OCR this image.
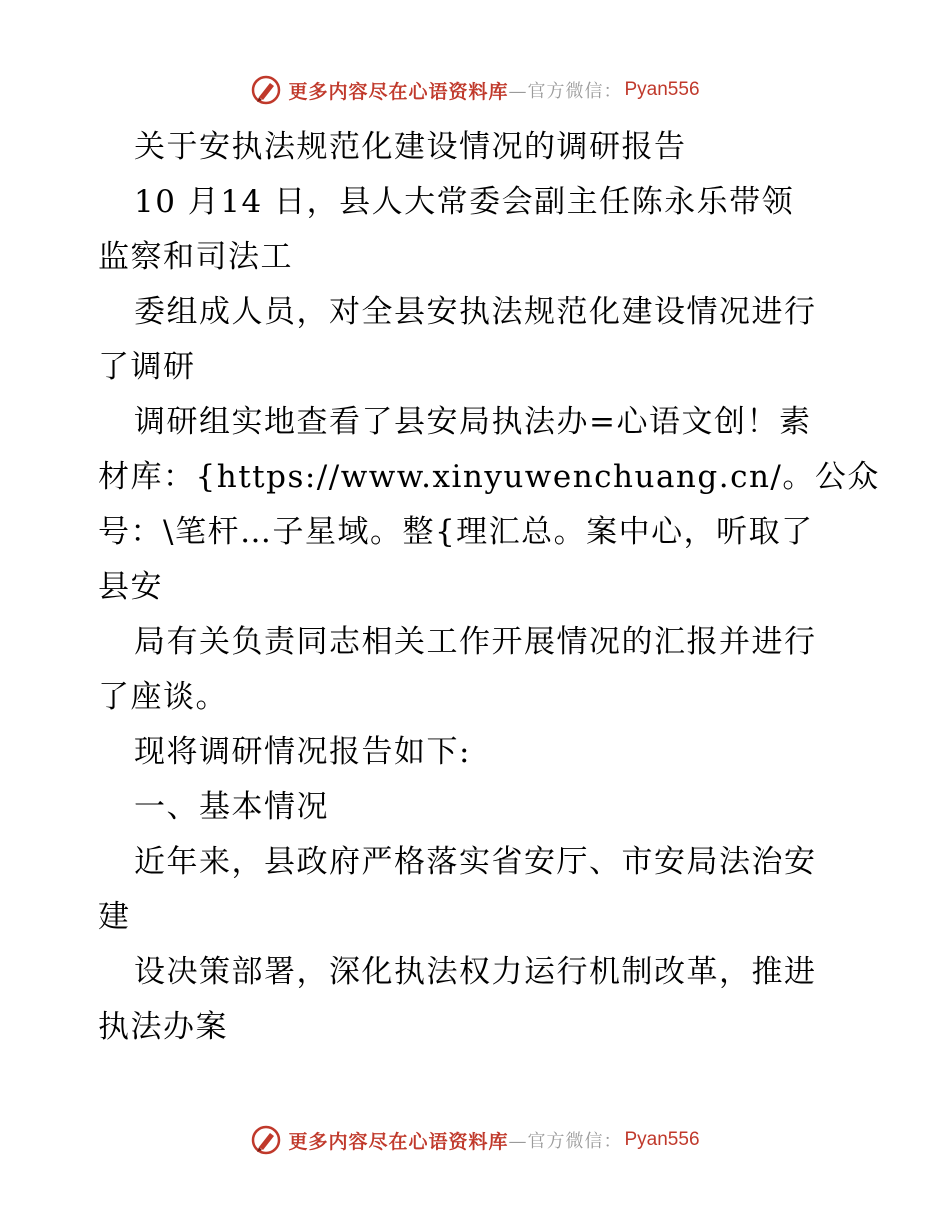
更多内容尽在心语资料库 —官方微信： Pyan556
关于安执法规范化建设情况的调研报告
10 月14 日，县人大常委会副主任陈永乐带领
监察和司法工
委组成人员，对全县安执法规范化建设情况进行
了调研
调研组实地查看了县安局执法办=心语文创！素
材库：{https://www.xinyuwenchuang.cn/。公众
号：\笔杆…子星域。整{理汇总。案中心，听取了
县安
局有关负责同志相关工作开展情况的汇报并进行
了座谈。
现将调研情况报告如下:
一、基本情况
近年来，县政府严格落实省安厅、市安局法治安
建
设决策部署，深化执法权力运行机制改革，推进
执法办案
更多内容尽在心语资料库 —官方微信： Pyan556
